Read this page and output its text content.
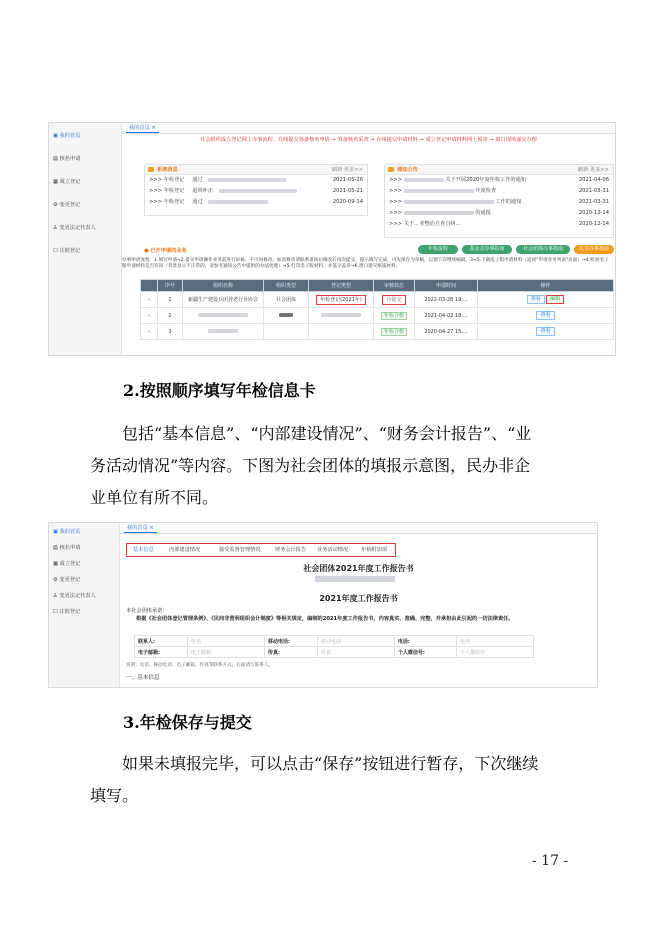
▣ 我的首页
▤ 核名申请
▦ 成立登记
⚙ 变更登记
♙ 变更法定代表人
☐ 注销登记
我的首页 ×
社会组织成立登记网上办事流程：在线提交筹备核名申请 → 筹备核名采查 → 在线提交申请材料 → 成立登记申请材料网上预审 → 窗口现场递交办理
系统消息	刷新 更多>>
>>> 年检登记 通过	2021-05-26
>>> 年检登记 退回补正	2021-05-21
>>> 年检登记 通过	2020-09-14
通知公告	刷新 更多>>
>>>	关于开展2020年度年检工作的通知	2021-04-06
>>>	年度检查	2021-03-31
>>>	工作的通知	2021-03-31
>>>	的通报	2020-12-14
>>> 关于…业整治自查自纠…	2020-12-14
● 已开申请的业务	年检流程	基金会办事指南	社会团体办事指南	民非办事指南
办事申请流程：1.填写申请→2.提交申请操作业务前进行审核。不可再修改。如需修改请联系退回后修改后再次提交。提示填写完成。可先保存为草稿，以便下次继续编辑。3→5.下载电子版申请材料（返回"申请业务列表"页面）→4.检查电子版申请材料是否有误（背景显示不正常的，请参考通知公告中提供的办法处理）→5.打印电子版材料，并签字盖章→6.窗口递交纸质材料。
	序号	组织名称	组织类型	登记类型	审核状态	申请时间	操作
›	1	新疆生产建设兵团养老行业协会	社会团体	年检登记(2021年)	待提交	2022-03-28 19:...	查看 编辑
›	2				年检合格	2021-04-02 18:...	查看
›	3				年检合格	2020-04-27 15:...	查看
2.按照顺序填写年检信息卡

包括“基本信息”、“内部建设情况”、“财务会计报告”、“业

务活动情况”等内容。下图为社会团体的填报示意图，民办非企

业单位有所不同。

▣ 我的首页
▤ 核名申请
▦ 成立登记
⚙ 变更登记
♙ 变更法定代表人
☐ 注销登记
我的首页 ×
基本信息	内部建设情况	接受监督管理情况	财务会计报告 业务活动情况 年检附加项
社会团体2021年度工作报告书
2021年度工作报告书
本社会团体承诺：
根据《社会团体登记管理条例》、《民间非营利组织会计制度》等相关规定，编制的2021年度工作报告书，内容真实、准确、完整，并承担由此引起的一切法律责任。
联系人:	姓名	移动电话:	移动电话	电话:	电话
电子邮箱:	电子邮箱	传真:	传真	个人微信号:	个人微信号
说明：电话、移动电话、电子邮箱、传真等联系方式，后面请写联系人。
一、基本信息
3.年检保存与提交

如果未填报完毕，可以点击“保存”按钮进行暂存，下次继续

填写。

- 17 -
